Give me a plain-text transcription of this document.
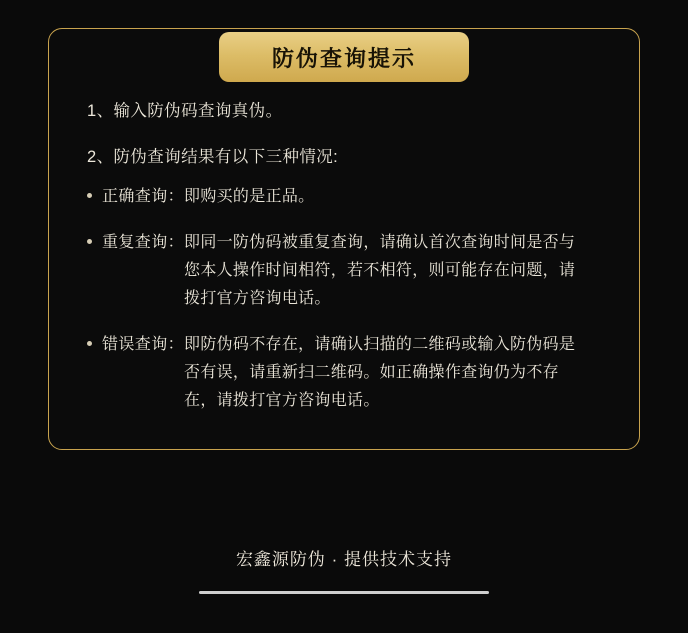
防伪查询提示
1、输入防伪码查询真伪。
2、防伪查询结果有以下三种情况:
正确查询： 即购买的是正品。
重复查询： 即同一防伪码被重复查询，请确认首次查询时间是否与您本人操作时间相符，若不相符，则可能存在问题，请拨打官方咨询电话。
错误查询： 即防伪码不存在，请确认扫描的二维码或输入防伪码是否有误，请重新扫二维码。如正确操作查询仍为不存在，请拨打官方咨询电话。
宏鑫源防伪 · 提供技术支持
